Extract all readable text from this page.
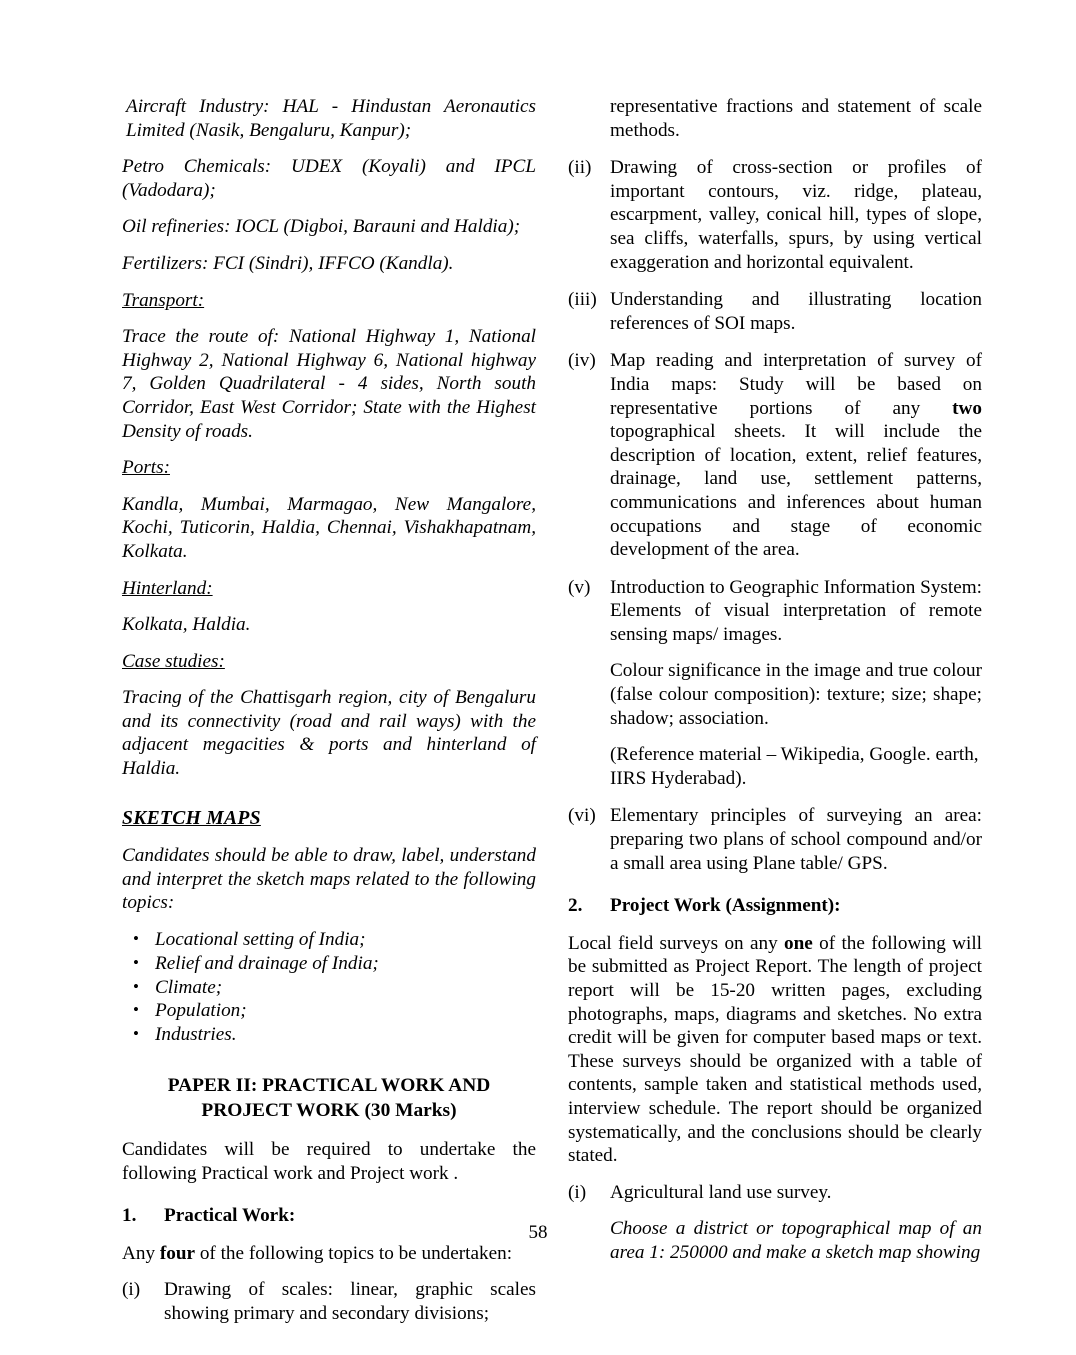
Aircraft Industry: HAL - Hindustan Aeronautics Limited (Nasik, Bengaluru, Kanpur);

Petro Chemicals: UDEX (Koyali) and IPCL (Vadodara);

Oil refineries: IOCL (Digboi, Barauni and Haldia);

Fertilizers: FCI (Sindri), IFFCO (Kandla).

Transport:

Trace the route of: National Highway 1, National Highway 2, National Highway 6, National highway 7, Golden Quadrilateral - 4 sides, North south Corridor, East West Corridor; State with the Highest Density of roads.

Ports:

Kandla, Mumbai, Marmagao, New Mangalore, Kochi, Tuticorin, Haldia, Chennai, Vishakhapatnam, Kolkata.

Hinterland:

Kolkata, Haldia.

Case studies:

Tracing of the Chattisgarh region, city of Bengaluru and its connectivity (road and rail ways) with the adjacent megacities & ports and hinterland of Haldia.

SKETCH MAPS

Candidates should be able to draw, label, understand and interpret the sketch maps related to the following topics:

• Locational setting of India;
• Relief and drainage of India;
• Climate;
• Population;
• Industries.
PAPER II: PRACTICAL WORK AND
PROJECT WORK (30 Marks)

Candidates will be required to undertake the following Practical work and Project work .

1. Practical Work:

Any four of the following topics to be undertaken:

(i)	Drawing of scales: linear, graphic scales showing primary and secondary divisions;

representative fractions and statement of scale methods.
(ii) Drawing of cross-section or profiles of important contours, viz. ridge, plateau, escarpment, valley, conical hill, types of slope, sea cliffs, waterfalls, spurs, by using vertical exaggeration and horizontal equivalent.

(iii) Understanding and illustrating location references of SOI maps.

(iv) Map reading and interpretation of survey of India maps: Study will be based on representative portions of any two topographical sheets. It will include the description of location, extent, relief features, drainage, land use, settlement patterns, communications and inferences about human occupations and stage of economic development of the area.

(v)	Introduction to Geographic Information System: Elements of visual interpretation of remote sensing maps/ images.

Colour significance in the image and true colour (false colour composition): texture; size; shape; shadow; association.

(Reference material – Wikipedia, Google. earth, IIRS Hyderabad).

(vi) Elementary principles of surveying an area: preparing two plans of school compound and/or a small area using Plane table/ GPS.

2. Project Work (Assignment):

Local field surveys on any one of the following will be submitted as Project Report. The length of project report will be 15-20 written pages, excluding photographs, maps, diagrams and sketches. No extra credit will be given for computer based maps or text. These surveys should be organized with a table of contents, sample taken and statistical methods used, interview schedule. The report should be organized systematically, and the conclusions should be clearly stated.

(i)	Agricultural land use survey.

Choose a district or topographical map of an area 1: 250000 and make a sketch map showing

58
